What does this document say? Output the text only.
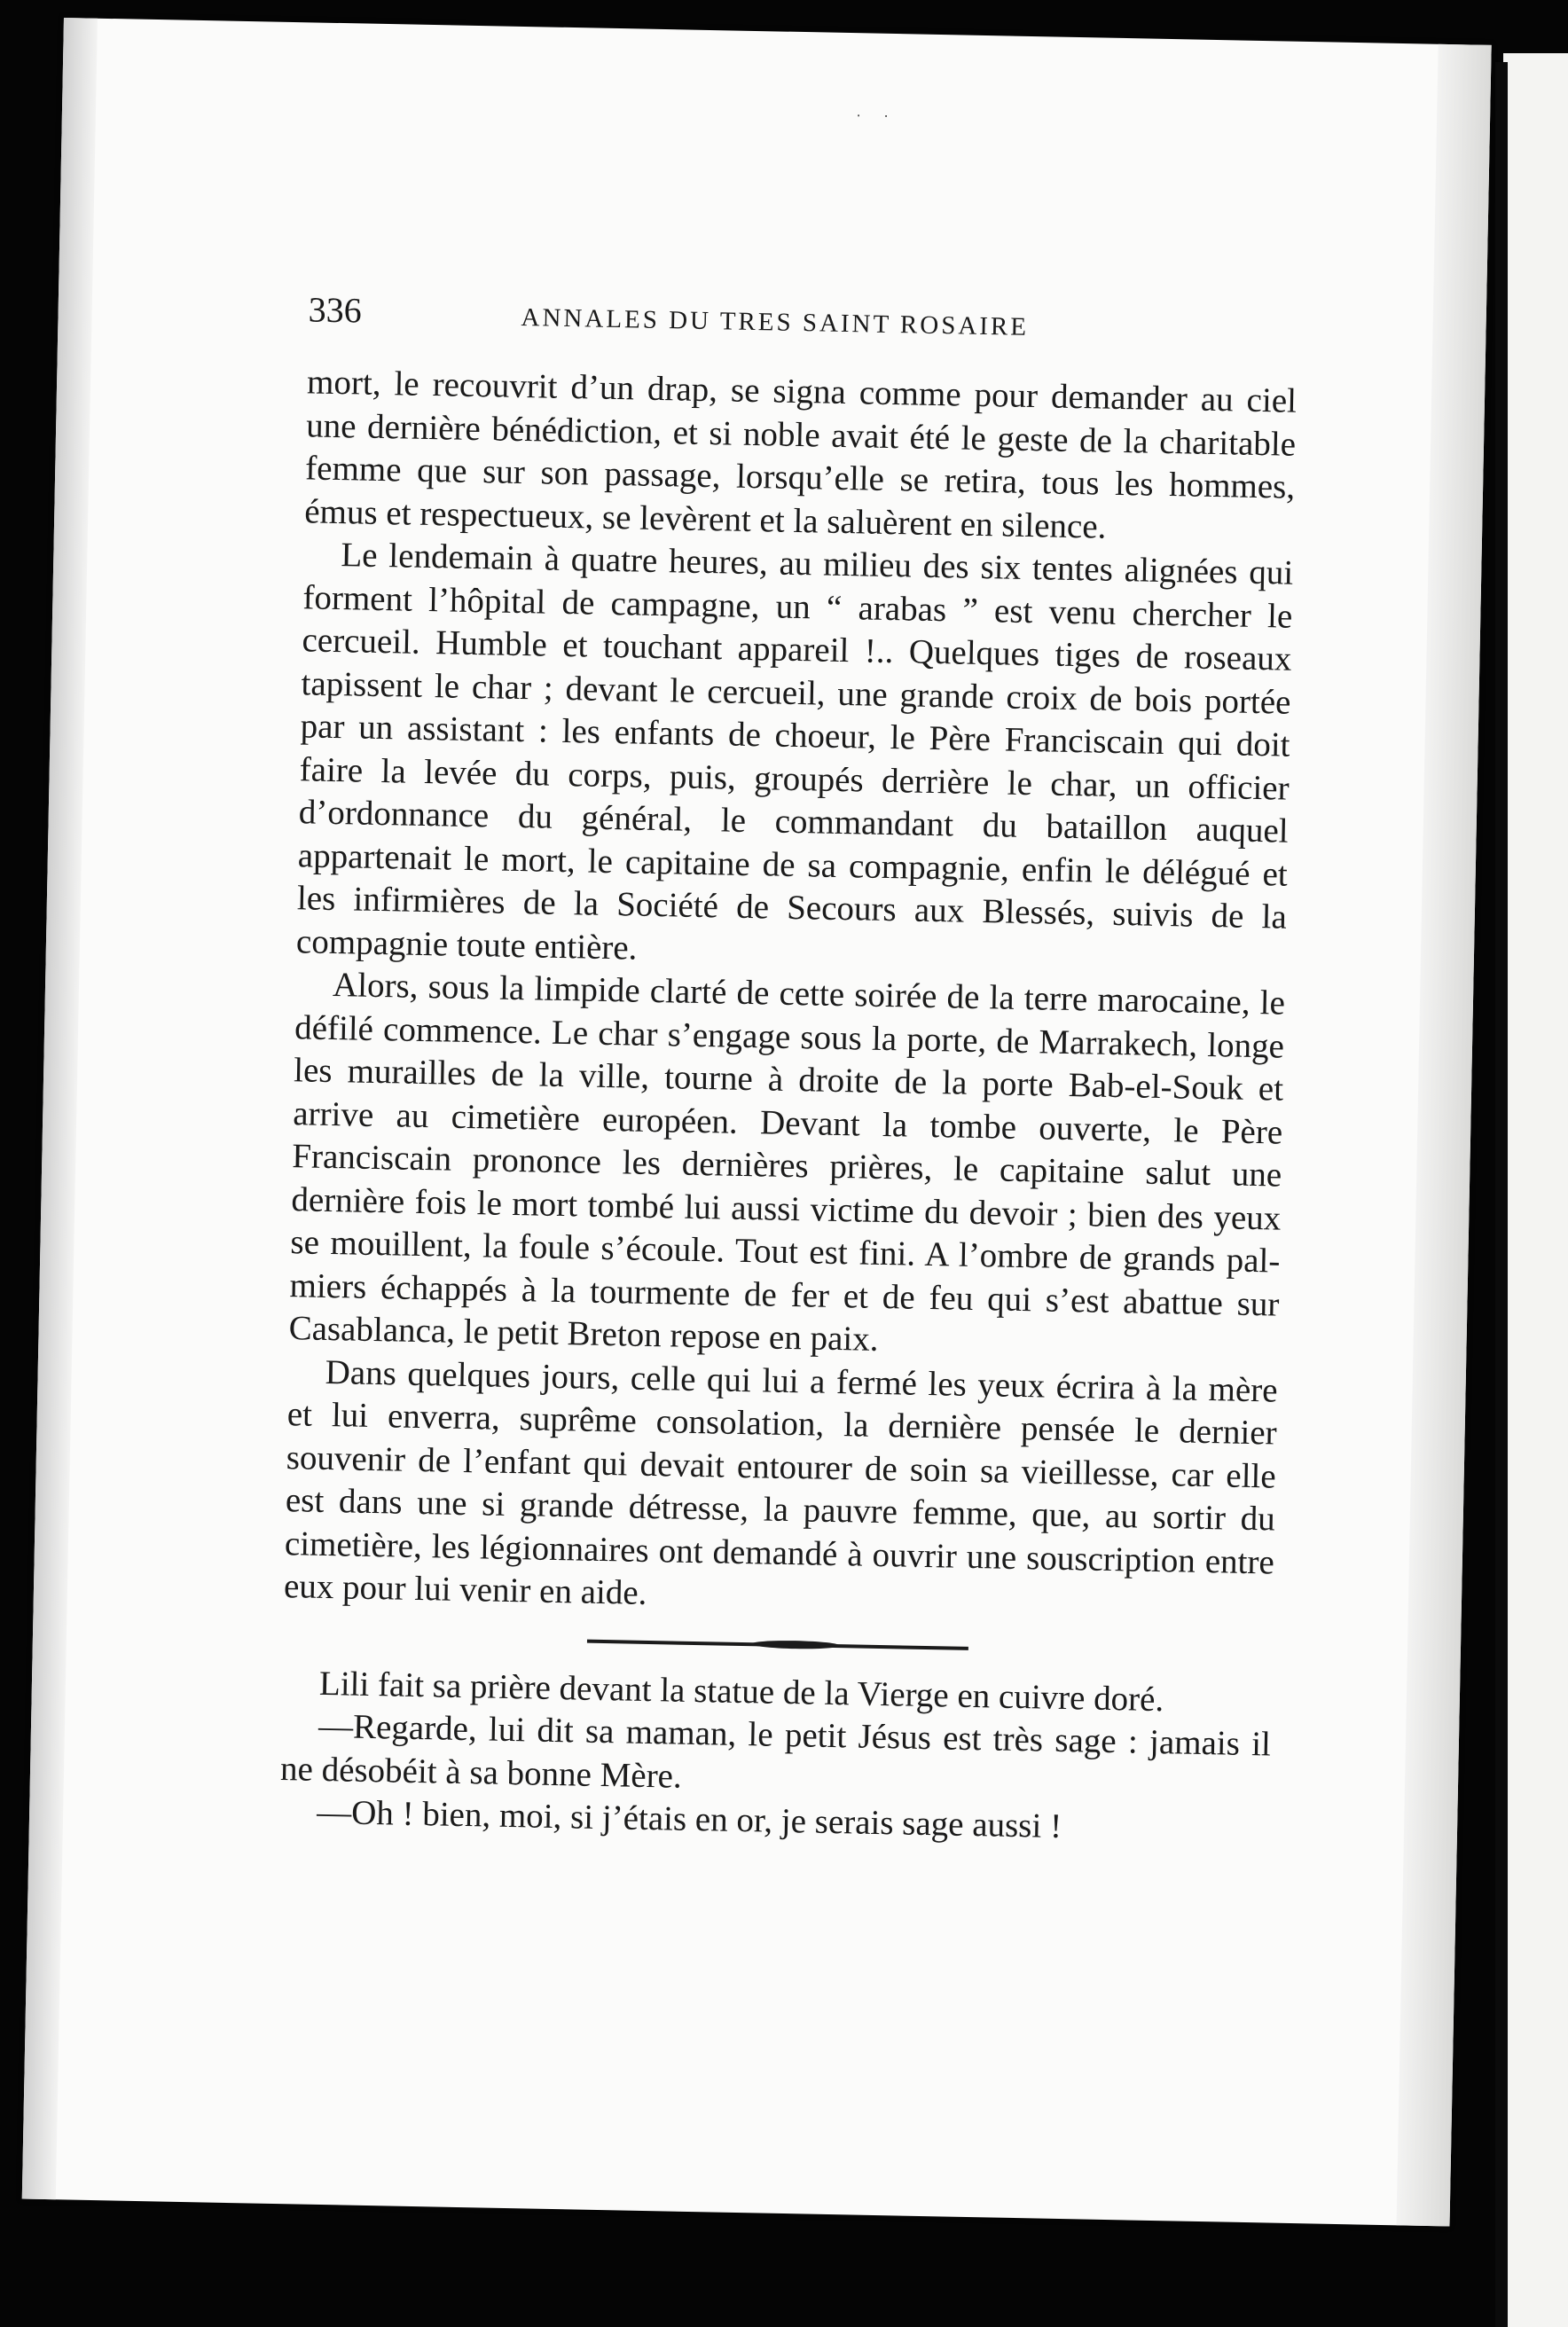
· ·
336	ANNALES DU TRES SAINT ROSAIRE

mort, le recouvrit d’un drap, se signa comme pour demander au ciel une dernière bénédiction, et si noble avait été le geste de la charitable femme que sur son passage, lorsqu’elle se retira, tous les hommes, émus et respectueux, se levèrent et la saluèrent en silence.

Le lendemain à quatre heures, au milieu des six tentes alignées qui forment l’hôpital de campagne, un “ arabas ” est venu chercher le cercueil. Humble et touchant appareil !.. Quelques tiges de roseaux tapissent le char ; devant le cercueil, une grande croix de bois portée par un assistant : les enfants de choeur, le Père Franciscain qui doit faire la levée du corps, puis, groupés derrière le char, un officier d’ordonnance du général, le commandant du bataillon auquel appartenait le mort, le capitaine de sa compagnie, enfin le délégué et les infirmières de la Société de Secours aux Blessés, suivis de la compagnie toute entière.

Alors, sous la limpide clarté de cette soirée de la terre marocaine, le défilé commence. Le char s’engage sous la porte, de Marrakech, longe les murailles de la ville, tourne à droite de la porte Bab-el-Souk et arrive au cimetière européen. Devant la tombe ouverte, le Père Franciscain prononce les dernières prières, le capitaine salut une dernière fois le mort tombé lui aussi victime du devoir ; bien des yeux se mouillent, la foule s’écoule. Tout est fini. A l’ombre de grands palmiers échappés à la tourmente de fer et de feu qui s’est abattue sur Casablanca, le petit Breton repose en paix.

Dans quelques jours, celle qui lui a fermé les yeux écrira à la mère et lui enverra, suprême consolation, la dernière pensée le dernier souvenir de l’enfant qui devait entourer de soin sa vieillesse, car elle est dans une si grande détresse, la pauvre femme, que, au sortir du cimetière, les légionnaires ont demandé à ouvrir une souscription entre eux pour lui venir en aide.

Lili fait sa prière devant la statue de la Vierge en cuivre doré.

—Regarde, lui dit sa maman, le petit Jésus est très sage : jamais il ne désobéit à sa bonne Mère.

—Oh ! bien, moi, si j’étais en or, je serais sage aussi !
